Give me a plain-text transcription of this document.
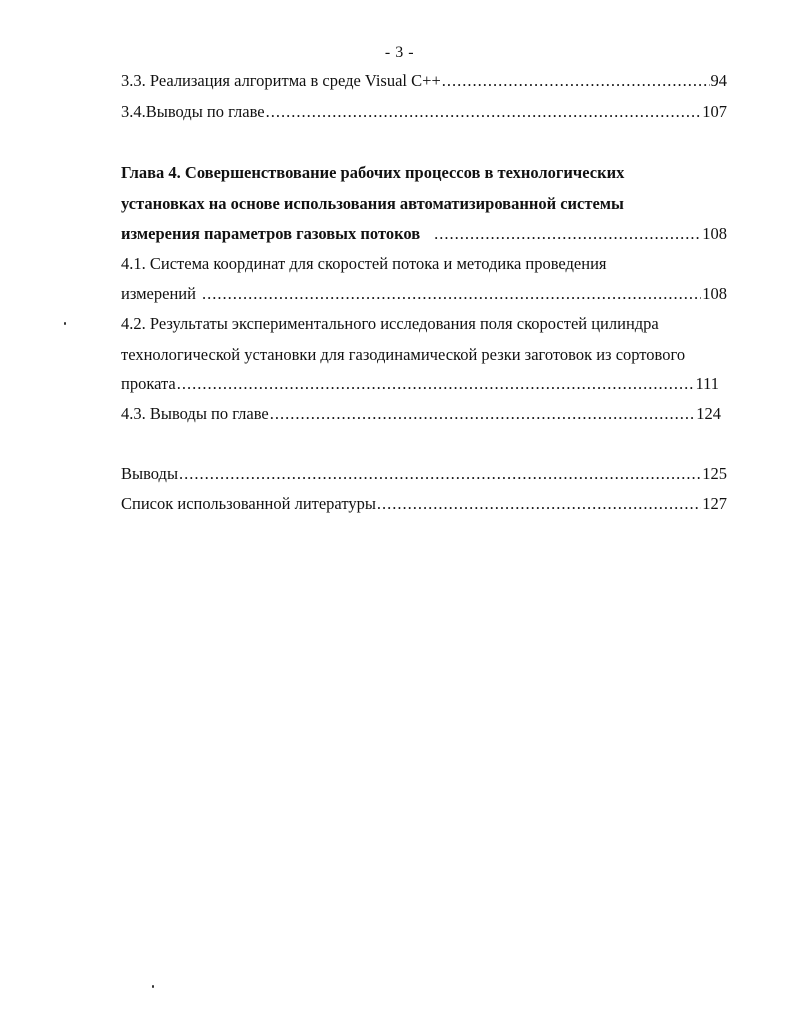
- 3 -
3.3. Реализация алгоритма в среде Visual C++ .....	94
3.4.Выводы по главе .....	107
Глава 4. Совершенствование рабочих процессов в технологических
установках на основе использования автоматизированной системы
измерения параметров газовых потоков .....	108
4.1. Система координат для скоростей потока и методика проведения
измерений .....	108
4.2. Результаты экспериментального исследования поля скоростей цилиндра
технологической установки для газодинамической резки заготовок из сортового
проката .....	111
4.3. Выводы по главе .....	124
Выводы .....	125
Список использованной литературы .....	127
